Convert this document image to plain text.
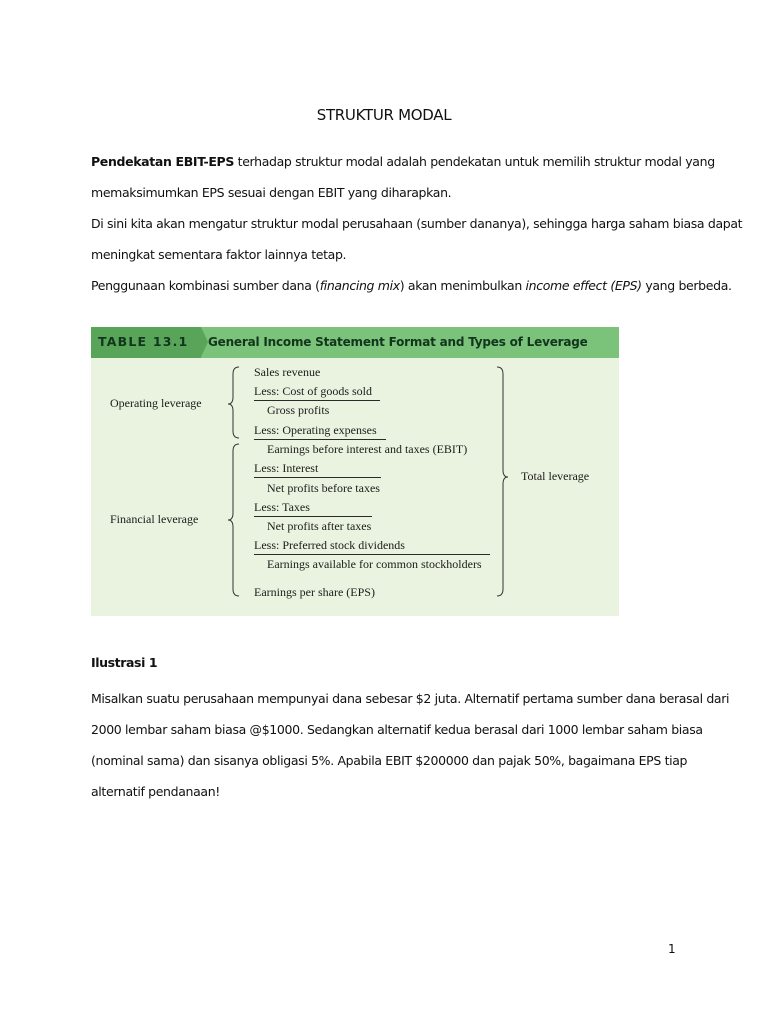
STRUKTUR MODAL
Pendekatan EBIT-EPS terhadap struktur modal adalah pendekatan untuk memilih struktur modal yang
memaksimumkan EPS sesuai dengan EBIT yang diharapkan.
Di sini kita akan mengatur struktur modal perusahaan (sumber dananya), sehingga harga saham biasa dapat
meningkat sementara faktor lainnya tetap.
Penggunaan kombinasi sumber dana (financing mix) akan menimbulkan income effect (EPS) yang berbeda.
TABLE 13.1 General Income Statement Format and Types of Leverage
Operating leverage
Financial leverage
Total leverage
Sales revenue
Less: Cost of goods sold
Gross profits
Less: Operating expenses
Earnings before interest and taxes (EBIT)
Less: Interest
Net profits before taxes
Less: Taxes
Net profits after taxes
Less: Preferred stock dividends
Earnings available for common stockholders
Earnings per share (EPS)
Ilustrasi 1
Misalkan suatu perusahaan mempunyai dana sebesar $2 juta. Alternatif pertama sumber dana berasal dari
2000 lembar saham biasa @$1000. Sedangkan alternatif kedua berasal dari 1000 lembar saham biasa
(nominal sama) dan sisanya obligasi 5%. Apabila EBIT $200000 dan pajak 50%, bagaimana EPS tiap
alternatif pendanaan!
1
